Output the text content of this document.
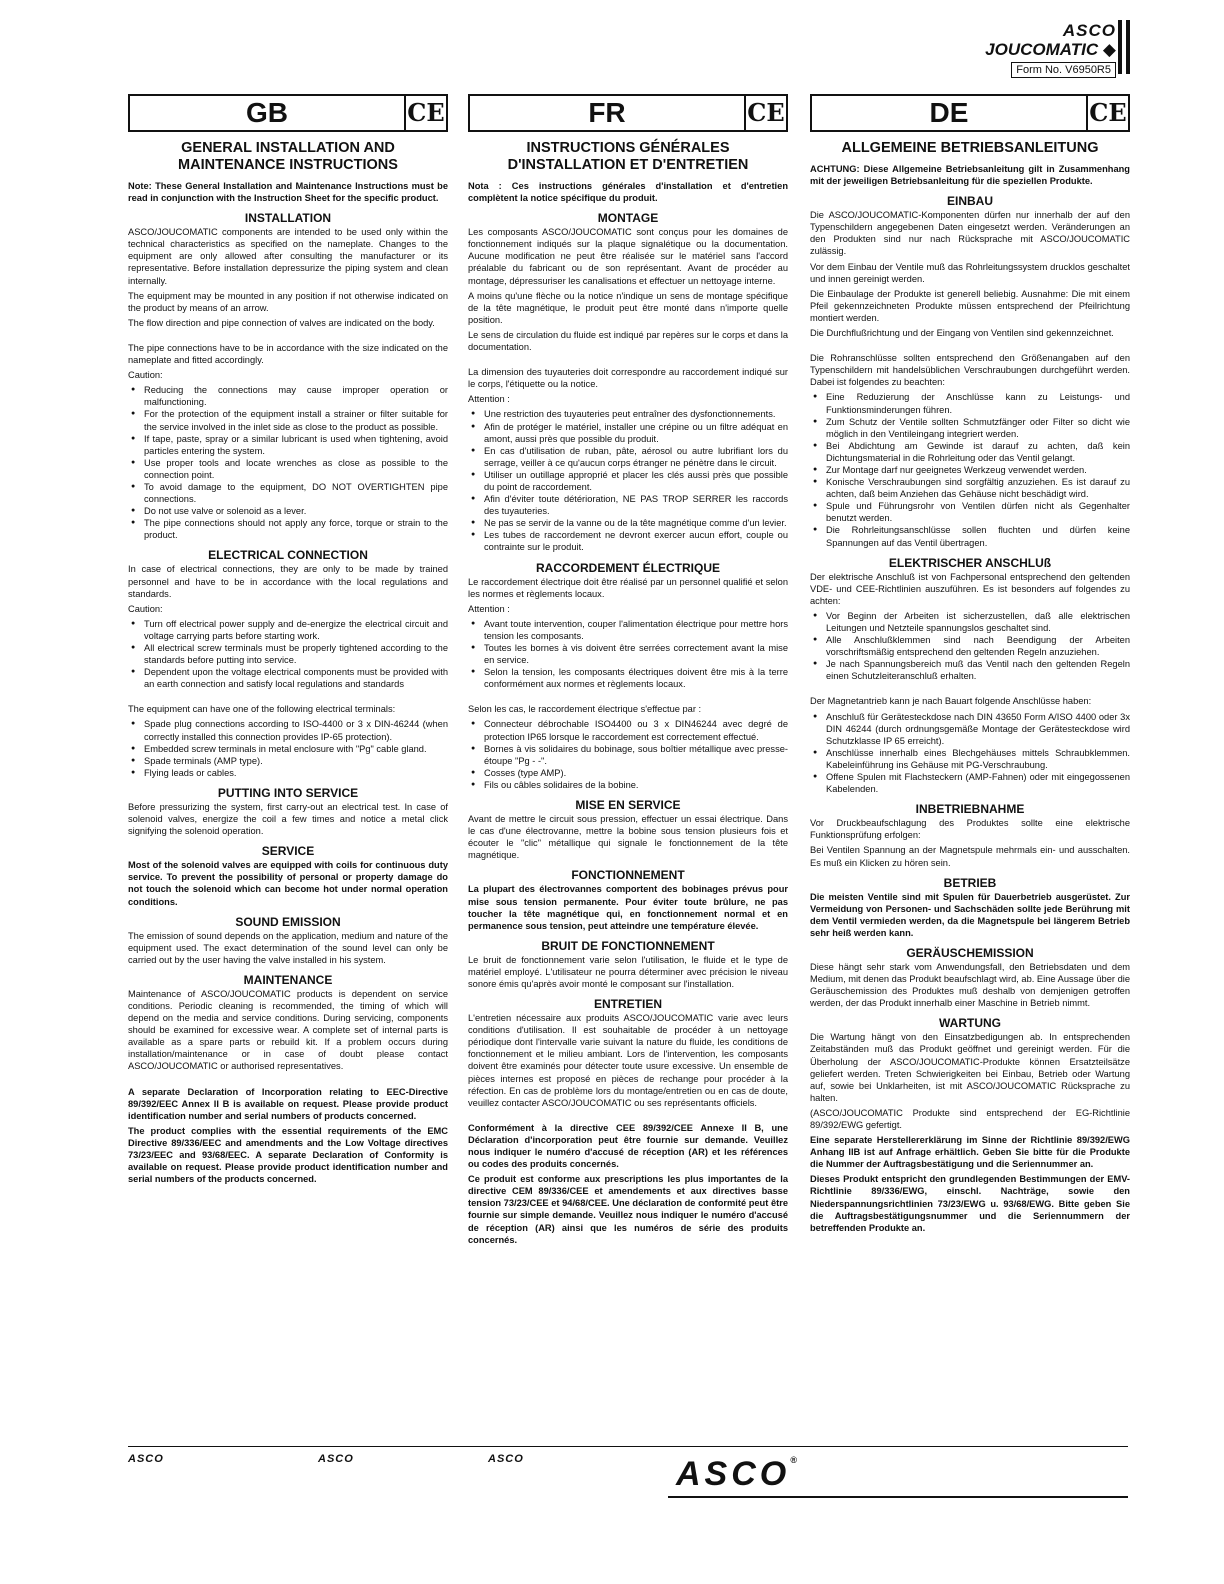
ASCO
JOUCOMATIC ◆
Form No. V6950R5
GB	CE
GENERAL INSTALLATION AND MAINTENANCE INSTRUCTIONS

Note: These General Installation and Maintenance Instructions must be read in conjunction with the Instruction Sheet for the specific product.

INSTALLATION

ASCO/JOUCOMATIC components are intended to be used only within the technical characteristics as specified on the nameplate. Changes to the equipment are only allowed after consulting the manufacturer or its representative. Before installation depressurize the piping system and clean internally.

The equipment may be mounted in any position if not otherwise indicated on the product by means of an arrow.

The flow direction and pipe connection of valves are indicated on the body.

The pipe connections have to be in accordance with the size indicated on the nameplate and fitted accordingly.

Caution:

● Reducing the connections may cause improper operation or malfunctioning.
● For the protection of the equipment install a strainer or filter suitable for the service involved in the inlet side as close to the product as possible.
● If tape, paste, spray or a similar lubricant is used when tightening, avoid particles entering the system.
● Use proper tools and locate wrenches as close as possible to the connection point.
● To avoid damage to the equipment, DO NOT OVERTIGHTEN pipe connections.
● Do not use valve or solenoid as a lever.
● The pipe connections should not apply any force, torque or strain to the product.
ELECTRICAL CONNECTION

In case of electrical connections, they are only to be made by trained personnel and have to be in accordance with the local regulations and standards.

Caution:

● Turn off electrical power supply and de-energize the electrical circuit and voltage carrying parts before starting work.
● All electrical screw terminals must be properly tightened according to the standards before putting into service.
● Dependent upon the voltage electrical components must be provided with an earth connection and satisfy local regulations and standards

The equipment can have one of the following electrical terminals:

● Spade plug connections according to ISO-4400 or 3 x DIN-46244 (when correctly installed this connection provides IP-65 protection).
● Embedded screw terminals in metal enclosure with "Pg" cable gland.
● Spade terminals (AMP type).
● Flying leads or cables.
PUTTING INTO SERVICE

Before pressurizing the system, first carry-out an electrical test. In case of solenoid valves, energize the coil a few times and notice a metal click signifying the solenoid operation.

SERVICE

Most of the solenoid valves are equipped with coils for continuous duty service. To prevent the possibility of personal or property damage do not touch the solenoid which can become hot under normal operation conditions.

SOUND EMISSION

The emission of sound depends on the application, medium and nature of the equipment used. The exact determination of the sound level can only be carried out by the user having the valve installed in his system.

MAINTENANCE

Maintenance of ASCO/JOUCOMATIC products is dependent on service conditions. Periodic cleaning is recommended, the timing of which will depend on the media and service conditions. During servicing, components should be examined for excessive wear. A complete set of internal parts is available as a spare parts or rebuild kit. If a problem occurs during installation/maintenance or in case of doubt please contact ASCO/JOUCOMATIC or authorised representatives.

A separate Declaration of Incorporation relating to EEC-Directive 89/392/EEC Annex II B is available on request. Please provide product identification number and serial numbers of products concerned.

The product complies with the essential requirements of the EMC Directive 89/336/EEC and amendments and the Low Voltage directives 73/23/EEC and 93/68/EEC. A separate Declaration of Conformity is available on request. Please provide product identification number and serial numbers of the products concerned.

FR	CE
INSTRUCTIONS GÉNÉRALES D'INSTALLATION ET D'ENTRETIEN

Nota : Ces instructions générales d'installation et d'entretien complètent la notice spécifique du produit.

MONTAGE

Les composants ASCO/JOUCOMATIC sont conçus pour les domaines de fonctionnement indiqués sur la plaque signalétique ou la documentation. Aucune modification ne peut être réalisée sur le matériel sans l'accord préalable du fabricant ou de son représentant. Avant de procéder au montage, dépressuriser les canalisations et effectuer un nettoyage interne.

A moins qu'une flèche ou la notice n'indique un sens de montage spécifique de la tête magnétique, le produit peut être monté dans n'importe quelle position.

Le sens de circulation du fluide est indiqué par repères sur le corps et dans la documentation.

La dimension des tuyauteries doit correspondre au raccordement indiqué sur le corps, l'étiquette ou la notice.

Attention :

● Une restriction des tuyauteries peut entraîner des dysfonctionnements.
● Afin de protéger le matériel, installer une crépine ou un filtre adéquat en amont, aussi près que possible du produit.
● En cas d'utilisation de ruban, pâte, aérosol ou autre lubrifiant lors du serrage, veiller à ce qu'aucun corps étranger ne pénètre dans le circuit.
● Utiliser un outillage approprié et placer les clés aussi près que possible du point de raccordement.
● Afin d'éviter toute détérioration, NE PAS TROP SERRER les raccords des tuyauteries.
● Ne pas se servir de la vanne ou de la tête magnétique comme d'un levier.
● Les tubes de raccordement ne devront exercer aucun effort, couple ou contrainte sur le produit.
RACCORDEMENT ÉLECTRIQUE

Le raccordement électrique doit être réalisé par un personnel qualifié et selon les normes et règlements locaux.

Attention :

● Avant toute intervention, couper l'alimentation électrique pour mettre hors tension les composants.
● Toutes les bornes à vis doivent être serrées correctement avant la mise en service.
● Selon la tension, les composants électriques doivent être mis à la terre conformément aux normes et règlements locaux.

Selon les cas, le raccordement électrique s'effectue par :

● Connecteur débrochable ISO4400 ou 3 x DIN46244 avec degré de protection IP65 lorsque le raccordement est correctement effectué.
● Bornes à vis solidaires du bobinage, sous boîtier métallique avec presse-étoupe "Pg - -".
● Cosses (type AMP).
● Fils ou câbles solidaires de la bobine.
MISE EN SERVICE

Avant de mettre le circuit sous pression, effectuer un essai électrique. Dans le cas d'une électrovanne, mettre la bobine sous tension plusieurs fois et écouter le "clic" métallique qui signale le fonctionnement de la tête magnétique.

FONCTIONNEMENT

La plupart des électrovannes comportent des bobinages prévus pour mise sous tension permanente. Pour éviter toute brûlure, ne pas toucher la tête magnétique qui, en fonctionnement normal et en permanence sous tension, peut atteindre une température élevée.

BRUIT DE FONCTIONNEMENT

Le bruit de fonctionnement varie selon l'utilisation, le fluide et le type de matériel employé. L'utilisateur ne pourra déterminer avec précision le niveau sonore émis qu'après avoir monté le composant sur l'installation.

ENTRETIEN

L'entretien nécessaire aux produits ASCO/JOUCOMATIC varie avec leurs conditions d'utilisation. Il est souhaitable de procéder à un nettoyage périodique dont l'intervalle varie suivant la nature du fluide, les conditions de fonctionnement et le milieu ambiant. Lors de l'intervention, les composants doivent être examinés pour détecter toute usure excessive. Un ensemble de pièces internes est proposé en pièces de rechange pour procéder à la réfection. En cas de problème lors du montage/entretien ou en cas de doute, veuillez contacter ASCO/JOUCOMATIC ou ses représentants officiels.

Conformément à la directive CEE 89/392/CEE Annexe II B, une Déclaration d'incorporation peut être fournie sur demande. Veuillez nous indiquer le numéro d'accusé de réception (AR) et les références ou codes des produits concernés.

Ce produit est conforme aux prescriptions les plus importantes de la directive CEM 89/336/CEE et amendements et aux directives basse tension 73/23/CEE et 94/68/CEE. Une déclaration de conformité peut être fournie sur simple demande. Veuillez nous indiquer le numéro d'accusé de réception (AR) ainsi que les numéros de série des produits concernés.

DE	CE
ALLGEMEINE BETRIEBSANLEITUNG

ACHTUNG: Diese Allgemeine Betriebsanleitung gilt in Zusammenhang mit der jeweiligen Betriebsanleitung für die speziellen Produkte.

EINBAU

Die ASCO/JOUCOMATIC-Komponenten dürfen nur innerhalb der auf den Typenschildern angegebenen Daten eingesetzt werden. Veränderungen an den Produkten sind nur nach Rücksprache mit ASCO/JOUCOMATIC zulässig.

Vor dem Einbau der Ventile muß das Rohrleitungssystem drucklos geschaltet und innen gereinigt werden.

Die Einbaulage der Produkte ist generell beliebig. Ausnahme: Die mit einem Pfeil gekennzeichneten Produkte müssen entsprechend der Pfeilrichtung montiert werden.

Die Durchflußrichtung und der Eingang von Ventilen sind gekennzeichnet.

Die Rohranschlüsse sollten entsprechend den Größenangaben auf den Typenschildern mit handelsüblichen Verschraubungen durchgeführt werden. Dabei ist folgendes zu beachten:

● Eine Reduzierung der Anschlüsse kann zu Leistungs- und Funktionsminderungen führen.
● Zum Schutz der Ventile sollten Schmutzfänger oder Filter so dicht wie möglich in den Ventileingang integriert werden.
● Bei Abdichtung am Gewinde ist darauf zu achten, daß kein Dichtungsmaterial in die Rohrleitung oder das Ventil gelangt.
● Zur Montage darf nur geeignetes Werkzeug verwendet werden.
● Konische Verschraubungen sind sorgfältig anzuziehen. Es ist darauf zu achten, daß beim Anziehen das Gehäuse nicht beschädigt wird.
● Spule und Führungsrohr von Ventilen dürfen nicht als Gegenhalter benutzt werden.
● Die Rohrleitungsanschlüsse sollen fluchten und dürfen keine Spannungen auf das Ventil übertragen.
ELEKTRISCHER ANSCHLUß

Der elektrische Anschluß ist von Fachpersonal entsprechend den geltenden VDE- und CEE-Richtlinien auszuführen. Es ist besonders auf folgendes zu achten:

● Vor Beginn der Arbeiten ist sicherzustellen, daß alle elektrischen Leitungen und Netzteile spannungslos geschaltet sind.
● Alle Anschlußklemmen sind nach Beendigung der Arbeiten vorschriftsmäßig entsprechend den geltenden Regeln anzuziehen.
● Je nach Spannungsbereich muß das Ventil nach den geltenden Regeln einen Schutzleiteranschluß erhalten.

Der Magnetantrieb kann je nach Bauart folgende Anschlüsse haben:

● Anschluß für Gerätesteckdose nach DIN 43650 Form A/ISO 4400 oder 3x DIN 46244 (durch ordnungsgemäße Montage der Gerätesteckdose wird Schutzklasse IP 65 erreicht).
● Anschlüsse innerhalb eines Blechgehäuses mittels Schraubklemmen. Kabeleinführung ins Gehäuse mit PG-Verschraubung.
● Offene Spulen mit Flachsteckern (AMP-Fahnen) oder mit eingegossenen Kabelenden.
INBETRIEBNAHME

Vor Druckbeaufschlagung des Produktes sollte eine elektrische Funktionsprüfung erfolgen:

Bei Ventilen Spannung an der Magnetspule mehrmals ein- und ausschalten. Es muß ein Klicken zu hören sein.

BETRIEB

Die meisten Ventile sind mit Spulen für Dauerbetrieb ausgerüstet. Zur Vermeidung von Personen- und Sachschäden sollte jede Berührung mit dem Ventil vermieden werden, da die Magnetspule bei längerem Betrieb sehr heiß werden kann.

GERÄUSCHEMISSION

Diese hängt sehr stark vom Anwendungsfall, den Betriebsdaten und dem Medium, mit denen das Produkt beaufschlagt wird, ab. Eine Aussage über die Geräuschemission des Produktes muß deshalb von demjenigen getroffen werden, der das Produkt innerhalb einer Maschine in Betrieb nimmt.

WARTUNG

Die Wartung hängt von den Einsatzbedigungen ab. In entsprechenden Zeitabständen muß das Produkt geöffnet und gereinigt werden. Für die Überholung der ASCO/JOUCOMATIC-Produkte können Ersatzteilsätze geliefert werden. Treten Schwierigkeiten bei Einbau, Betrieb oder Wartung auf, sowie bei Unklarheiten, ist mit ASCO/JOUCOMATIC Rücksprache zu halten.

(ASCO/JOUCOMATIC Produkte sind entsprechend der EG-Richtlinie 89/392/EWG gefertigt.

Eine separate Herstellererklärung im Sinne der Richtlinie 89/392/EWG Anhang IIB ist auf Anfrage erhältlich. Geben Sie bitte für die Produkte die Nummer der Auftragsbestätigung und die Seriennummer an.

Dieses Produkt entspricht den grundlegenden Bestimmungen der EMV-Richtlinie 89/336/EWG, einschl. Nachträge, sowie den Niederspannungsrichtlinien 73/23/EWG u. 93/68/EWG. Bitte geben Sie die Auftragsbestätigungsnummer und die Seriennummern der betreffenden Produkte an.

ASCO	ASCO	ASCO	ASCO®
